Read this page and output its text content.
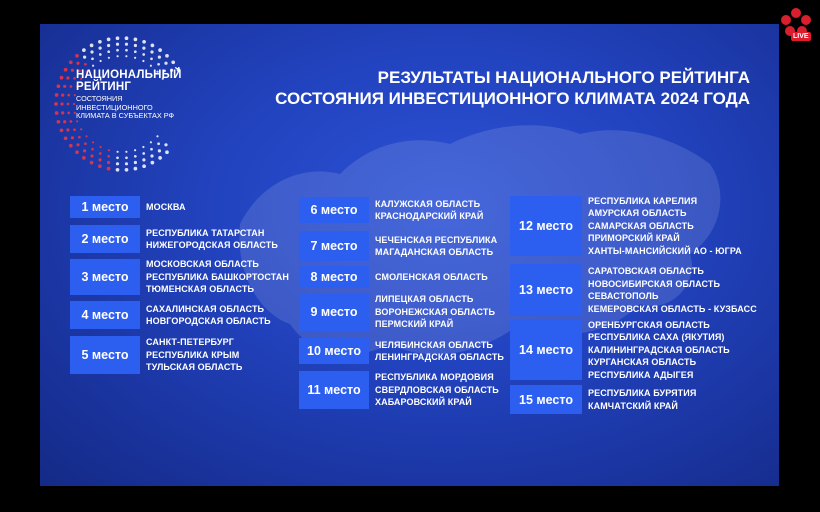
НАЦИОНАЛЬНЫЙ
РЕЙТИНГ
СОСТОЯНИЯ
ИНВЕСТИЦИОННОГО
КЛИМАТА В СУБЪЕКТАХ РФ
РЕЗУЛЬТАТЫ НАЦИОНАЛЬНОГО РЕЙТИНГА
СОСТОЯНИЯ ИНВЕСТИЦИОННОГО КЛИМАТА 2024 ГОДА
1 место	МОСКВА
2 место	РЕСПУБЛИКА ТАТАРСТАН
НИЖЕГОРОДСКАЯ ОБЛАСТЬ
3 место
МОСКОВСКАЯ ОБЛАСТЬ
РЕСПУБЛИКА БАШКОРТОСТАН
ТЮМЕНСКАЯ ОБЛАСТЬ
4 место	САХАЛИНСКАЯ ОБЛАСТЬ
НОВГОРОДСКАЯ ОБЛАСТЬ
5 место
САНКТ-ПЕТЕРБУРГ
РЕСПУБЛИКА КРЫМ
ТУЛЬСКАЯ ОБЛАСТЬ
6 место	КАЛУЖСКАЯ ОБЛАСТЬ
КРАСНОДАРСКИЙ КРАЙ
7 место	ЧЕЧЕНСКАЯ РЕСПУБЛИКА
МАГАДАНСКАЯ ОБЛАСТЬ
8 место	СМОЛЕНСКАЯ ОБЛАСТЬ
9 место
ЛИПЕЦКАЯ ОБЛАСТЬ
ВОРОНЕЖСКАЯ ОБЛАСТЬ
ПЕРМСКИЙ КРАЙ
10 место	ЧЕЛЯБИНСКАЯ ОБЛАСТЬ
ЛЕНИНГРАДСКАЯ ОБЛАСТЬ
11 место
РЕСПУБЛИКА МОРДОВИЯ
СВЕРДЛОВСКАЯ ОБЛАСТЬ
ХАБАРОВСКИЙ КРАЙ
12 место
РЕСПУБЛИКА КАРЕЛИЯ
АМУРСКАЯ ОБЛАСТЬ
САМАРСКАЯ ОБЛАСТЬ
ПРИМОРСКИЙ КРАЙ
ХАНТЫ-МАНСИЙСКИЙ АО - ЮГРА
13 место
САРАТОВСКАЯ ОБЛАСТЬ
НОВОСИБИРСКАЯ ОБЛАСТЬ
СЕВАСТОПОЛЬ
КЕМЕРОВСКАЯ ОБЛАСТЬ - КУЗБАСС
14 место
ОРЕНБУРГСКАЯ ОБЛАСТЬ
РЕСПУБЛИКА САХА (ЯКУТИЯ)
КАЛИНИНГРАДСКАЯ ОБЛАСТЬ
КУРГАНСКАЯ ОБЛАСТЬ
РЕСПУБЛИКА АДЫГЕЯ
15 место	РЕСПУБЛИКА БУРЯТИЯ
КАМЧАТСКИЙ КРАЙ
LIVE
